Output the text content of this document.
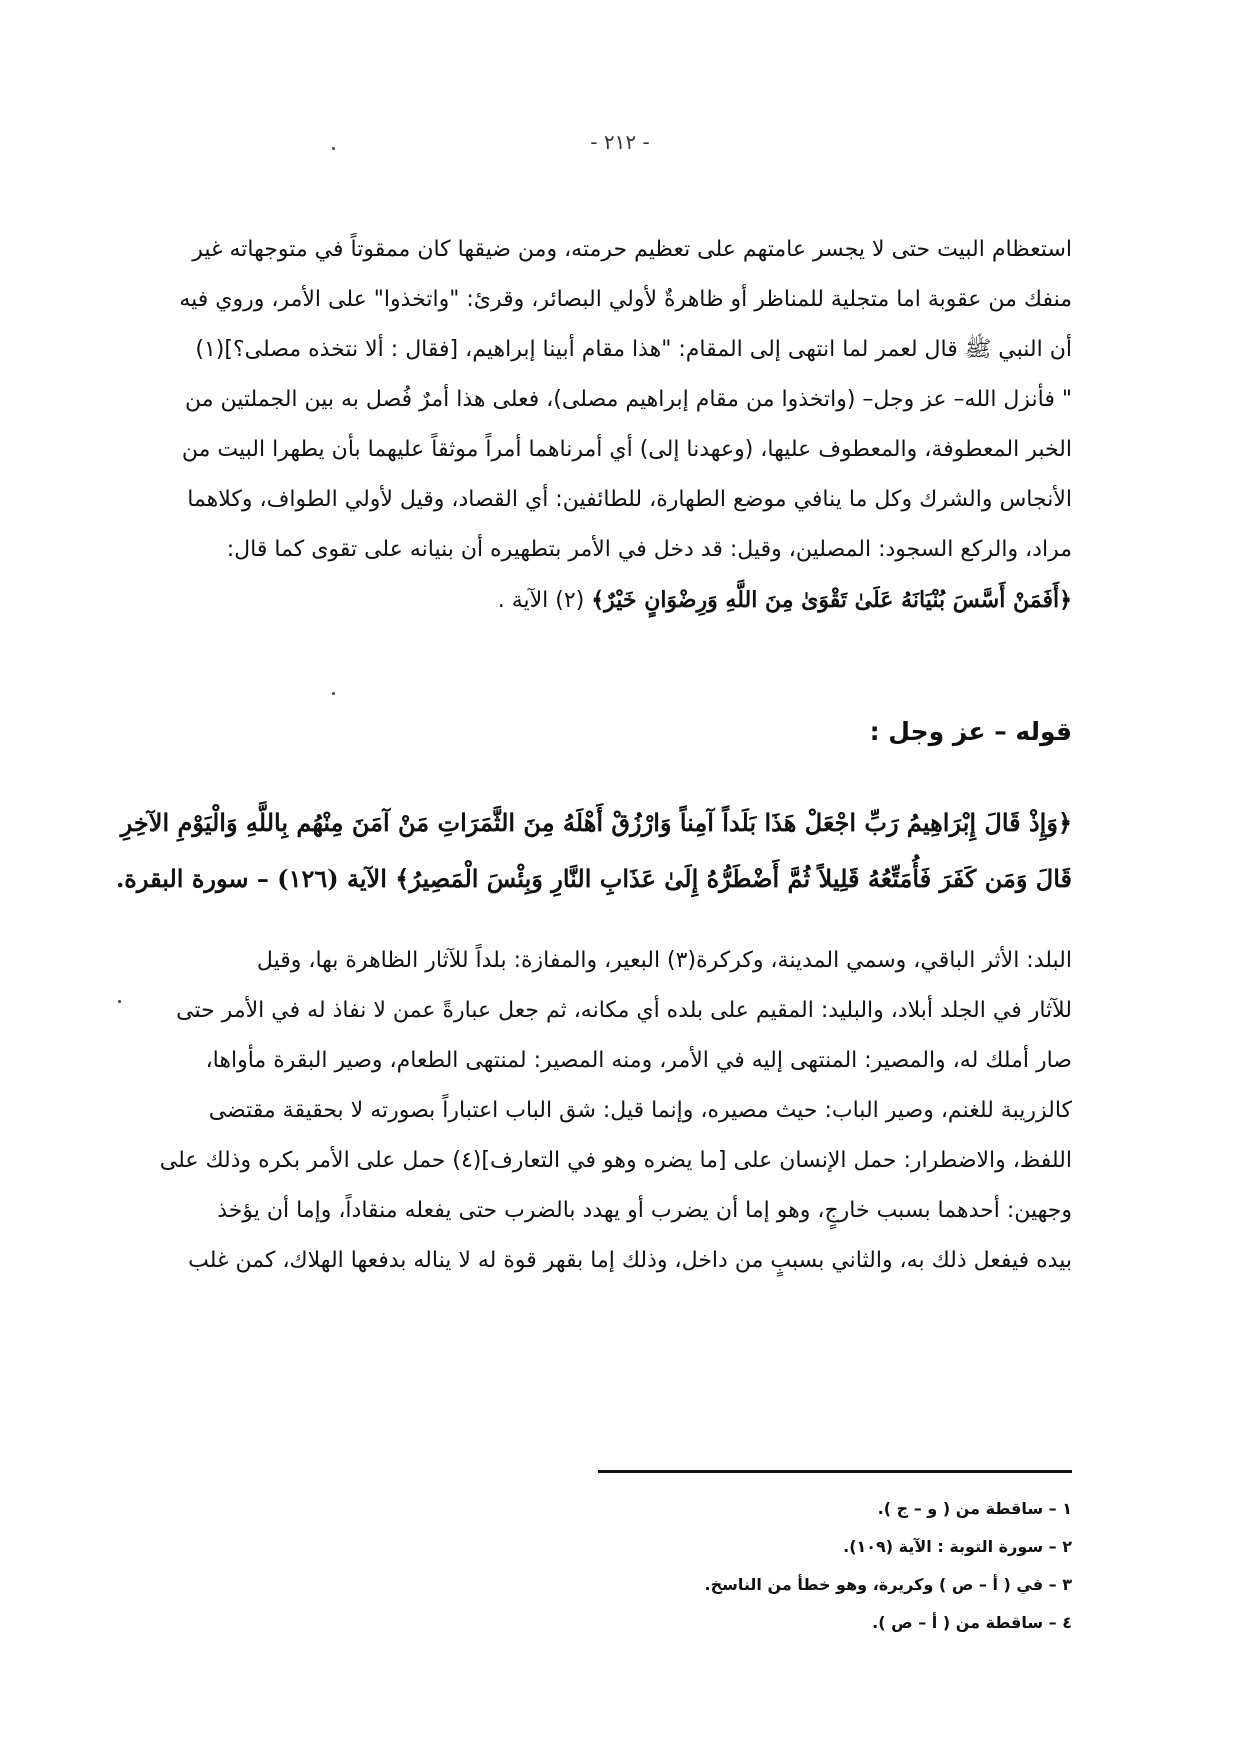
- ٢١٢ -
استعظام البيت حتى لا يجسر عامتهم على تعظيم حرمته، ومن ضيقها كان ممقوتاً في متوجهاته غير
منفك من عقوبة اما متجلية للمناظر أو ظاهرةٌ لأولي البصائر، وقرئ: "واتخذوا" على الأمر، وروي فيه
أن النبي ﷺ قال لعمر لما انتهى إلى المقام: "هذا مقام أبينا إبراهيم، [فقال : ألا نتخذه مصلى؟](١)
" فأنزل الله– عز وجل– (واتخذوا من مقام إبراهيم مصلى)، فعلى هذا أمرٌ فُصل به بين الجملتين من
الخبر المعطوفة، والمعطوف عليها، (وعهدنا إلى) أي أمرناهما أمراً موثقاً عليهما بأن يطهرا البيت من
الأنجاس والشرك وكل ما ينافي موضع الطهارة، للطائفين: أي القصاد، وقيل لأولي الطواف، وكلاهما
مراد، والركع السجود: المصلين، وقيل: قد دخل في الأمر بتطهيره أن بنيانه على تقوى كما قال:
﴿أَفَمَنْ أَسَّسَ بُنْيَانَهُ عَلَىٰ تَقْوَىٰ مِنَ اللَّهِ وَرِضْوَانٍ خَيْرٌ﴾ (٢) الآية .
قوله – عز وجل :
﴿وَإِذْ قَالَ إِبْرَاهِيمُ رَبِّ اجْعَلْ هَذَا بَلَداً آمِناً وَارْزُقْ أَهْلَهُ مِنَ الثَّمَرَاتِ مَنْ آمَنَ مِنْهُم بِاللَّهِ وَالْيَوْمِ الآخِرِ
قَالَ وَمَن كَفَرَ فَأُمَتِّعُهُ قَلِيلاً ثُمَّ أَضْطَرُّهُ إِلَىٰ عَذَابِ النَّارِ وَبِئْسَ الْمَصِيرُ﴾ الآية (١٢٦) – سورة البقرة.
البلد: الأثر الباقي، وسمي المدينة، وكركرة(٣) البعير، والمفازة: بلداً للآثار الظاهرة بها، وقيل
للآثار في الجلد أبلاد، والبليد: المقيم على بلده أي مكانه، ثم جعل عبارةً عمن لا نفاذ له في الأمر حتى
صار أملك له، والمصير: المنتهى إليه في الأمر، ومنه المصير: لمنتهى الطعام، وصير البقرة مأواها،
كالزريبة للغنم، وصير الباب: حيث مصيره، وإنما قيل: شق الباب اعتباراً بصورته لا بحقيقة مقتضى
اللفظ، والاضطرار: حمل الإنسان على [ما يضره وهو في التعارف](٤) حمل على الأمر بكره وذلك على
وجهين: أحدهما بسبب خارجٍ، وهو إما أن يضرب أو يهدد بالضرب حتى يفعله منقاداً، وإما أن يؤخذ
بيده فيفعل ذلك به، والثاني بسببٍ من داخل، وذلك إما بقهر قوة له لا يناله بدفعها الهلاك، كمن غلب
١ – ساقطة من ( و – ج ).
٢ – سورة التوبة : الآية (١٠٩).
٣ – في ( أ – ص ) وكريرة، وهو خطأ من الناسخ.
٤ – ساقطة من ( أ – ص ).
